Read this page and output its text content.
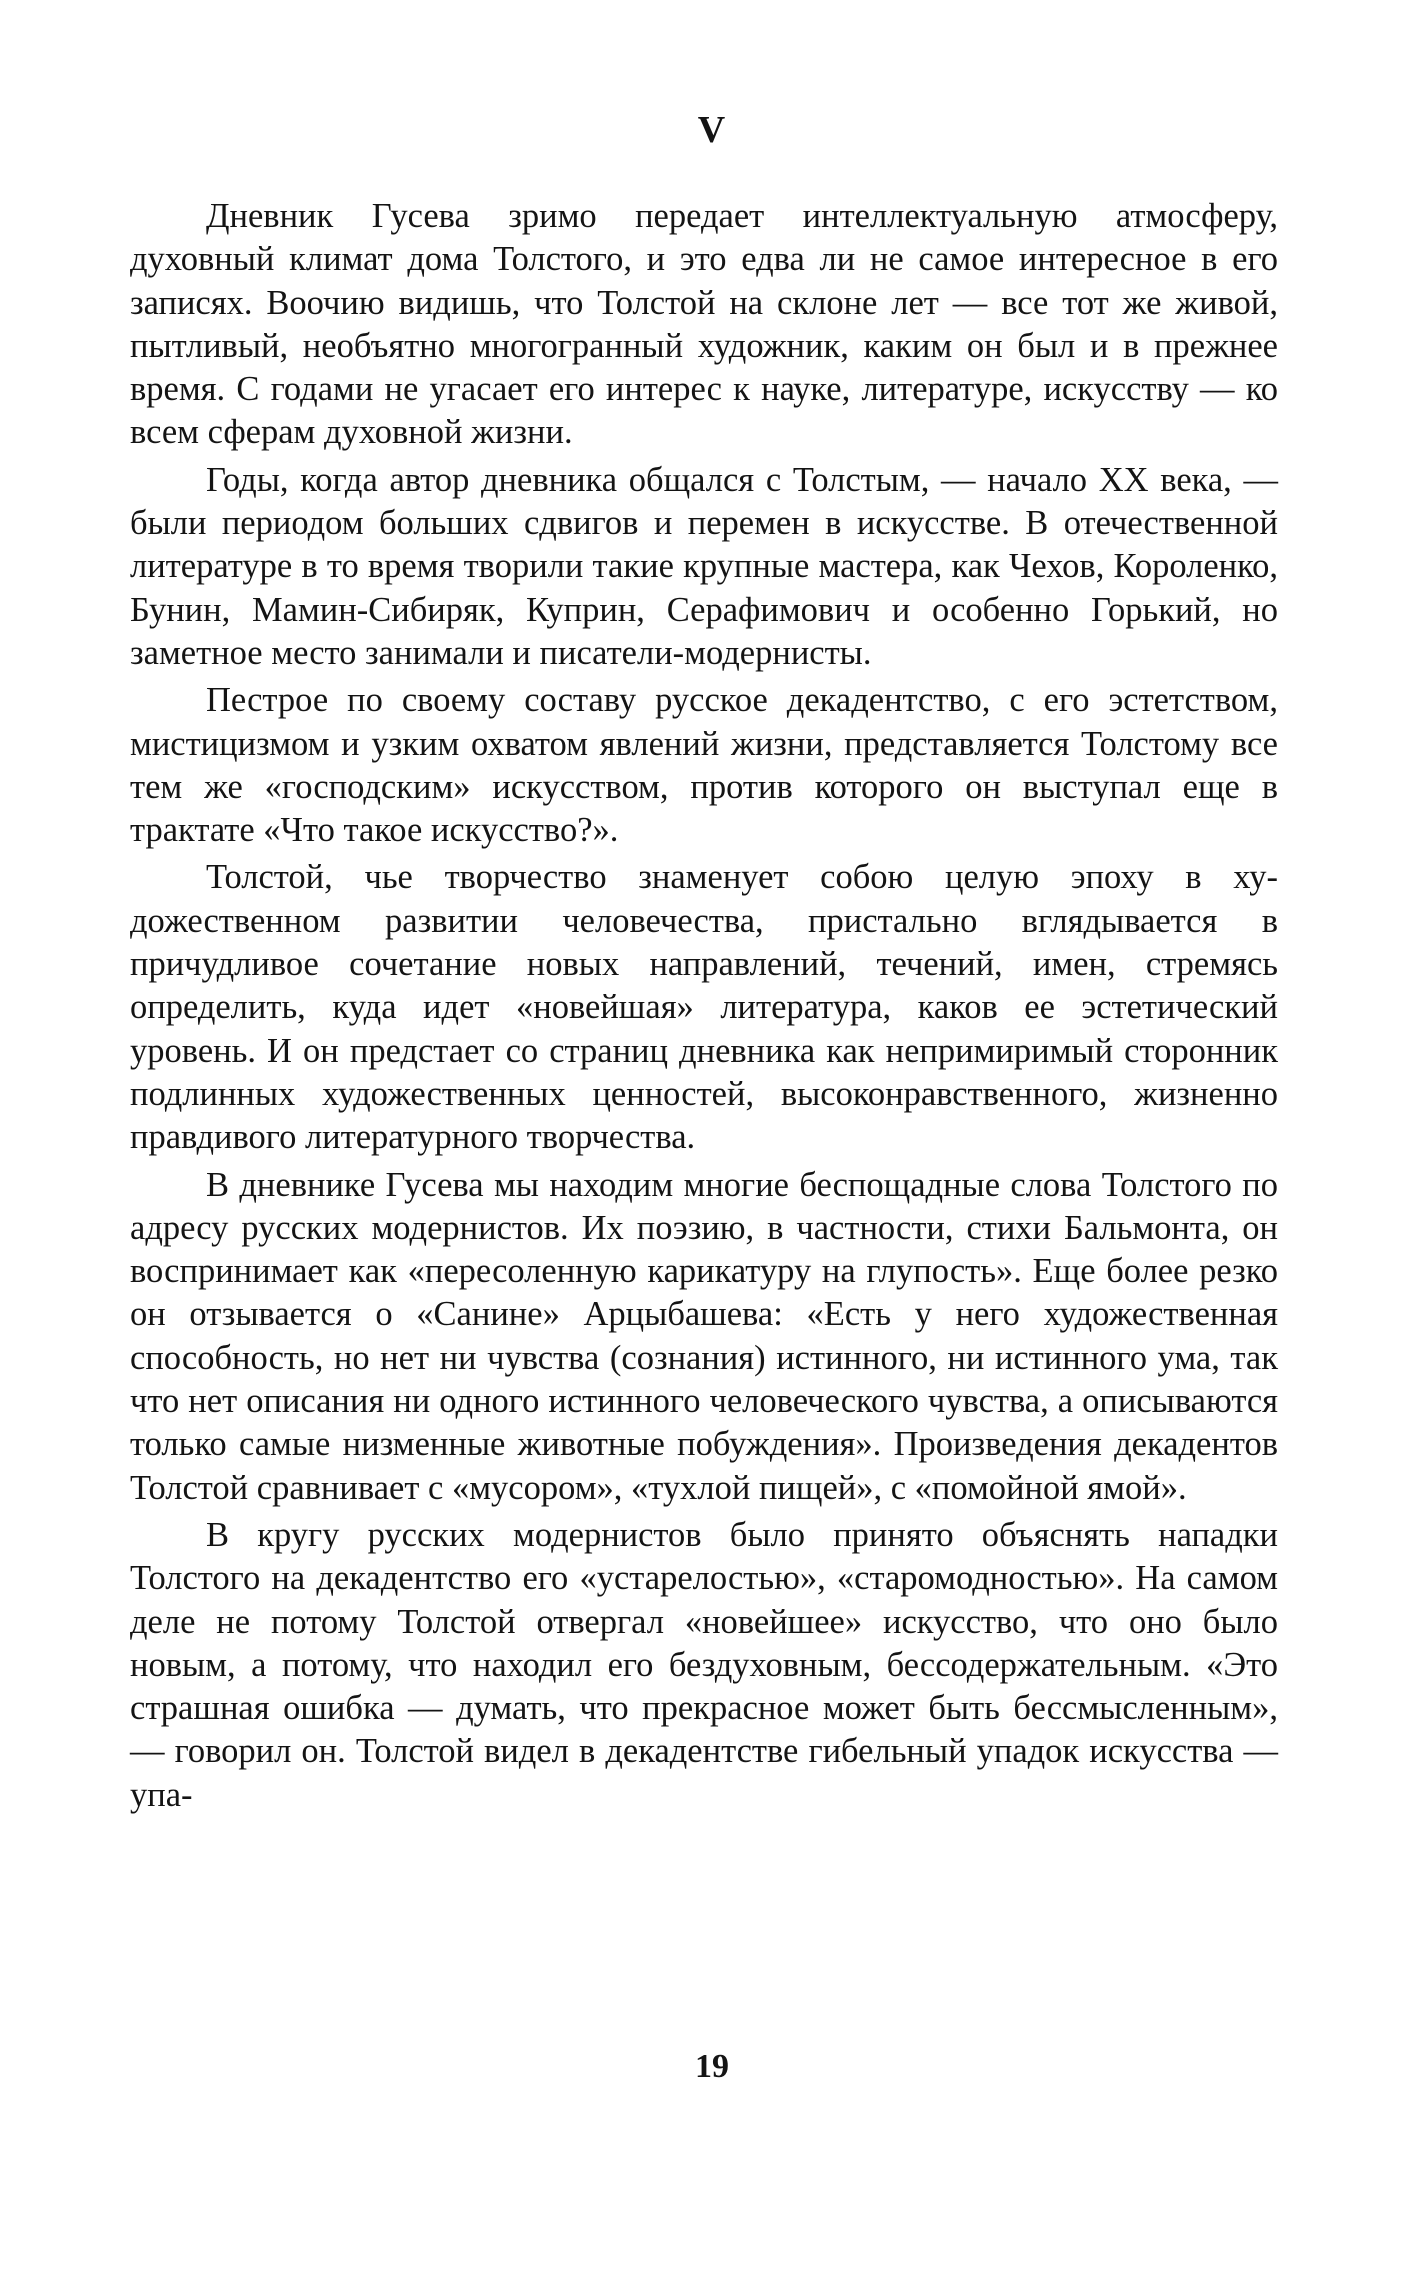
V

Дневник Гусева зримо передает интеллектуальную атмосферу, духовный климат дома Толстого, и это едва ли не самое интересное в его записях. Воочию видишь, что Толстой на склоне лет — все тот же живой, пытливый, необъятно многогранный художник, каким он был и в прежнее время. С годами не угасает его интерес к науке, литературе, искусству — ко всем сферам духовной жизни.

Годы, когда автор дневника общался с Толстым, — начало XX века, — были периодом больших сдвигов и перемен в искусстве. В отечественной литературе в то время творили такие крупные мастера, как Чехов, Короленко, Бунин, Мамин-Сибиряк, Куприн, Серафимович и особенно Горький, но заметное место занимали и писатели-модернисты.

Пестрое по своему составу русское декадентство, с его эстетством, мистицизмом и узким охватом явлений жизни, представляется Толстому все тем же «господским» искусством, против которого он выступал еще в трактате «Что такое искусство?».

Толстой, чье творчество знаменует собою целую эпоху в художественном развитии человечества, пристально вглядывается в причудливое сочетание новых направлений, течений, имен, стремясь определить, куда идет «новейшая» литература, каков ее эстетический уровень. И он предстает со страниц дневника как непримиримый сторонник подлинных художественных ценностей, высоконравственного, жизненно правдивого литературного творчества.

В дневнике Гусева мы находим многие беспощадные слова Толстого по адресу русских модернистов. Их поэзию, в частности, стихи Бальмонта, он воспринимает как «пересоленную карикатуру на глупость». Еще более резко он отзывается о «Санине» Арцыбашева: «Есть у него художественная способность, но нет ни чувства (сознания) истинного, ни истинного ума, так что нет описания ни одного истинного человеческого чувства, а описываются только самые низменные животные побуждения». Произведения декадентов Толстой сравнивает с «мусором», «тухлой пищей», с «помойной ямой».

В кругу русских модернистов было принято объяснять нападки Толстого на декадентство его «устарелостью», «старомодностью». На самом деле не потому Толстой отвергал «новейшее» искусство, что оно было новым, а потому, что находил его бездуховным, бессодержательным. «Это страшная ошибка — думать, что прекрасное может быть бессмысленным», — говорил он. Толстой видел в декадентстве гибельный упадок искусства — упа-

19
